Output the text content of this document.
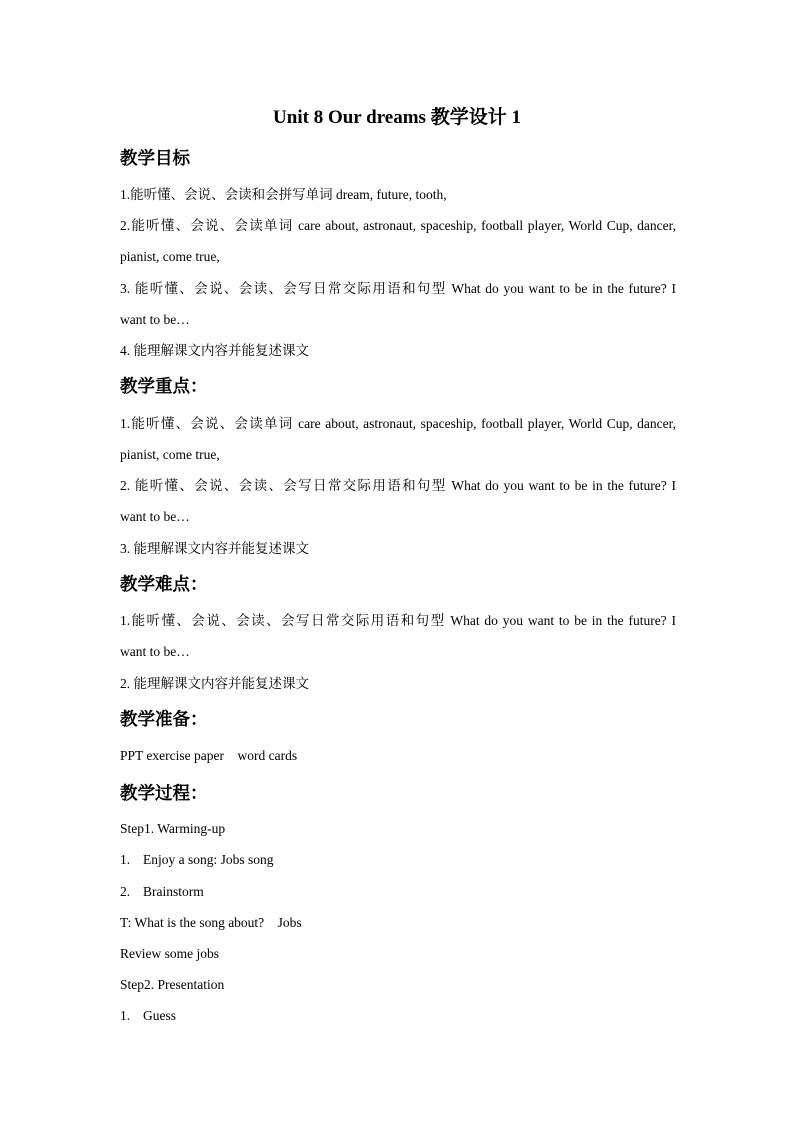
Unit 8 Our dreams 教学设计 1
教学目标
1.能听懂、会说、会读和会拼写单词 dream, future, tooth,
2.能听懂、会说、会读单词 care about, astronaut, spaceship, football player, World Cup, dancer,
pianist, come true,
3. 能听懂、会说、会读、会写日常交际用语和句型 What do you want to be in the future? I
want to be…
4. 能理解课文内容并能复述课文
教学重点：
1.能听懂、会说、会读单词 care about, astronaut, spaceship, football player, World Cup, dancer,
pianist, come true,
2. 能听懂、会说、会读、会写日常交际用语和句型 What do you want to be in the future? I
want to be…
3. 能理解课文内容并能复述课文
教学难点：
1.能听懂、会说、会读、会写日常交际用语和句型 What do you want to be in the future? I
want to be…
2. 能理解课文内容并能复述课文
教学准备：
PPT exercise paper    word cards
教学过程：
Step1. Warming-up
1. Enjoy a song: Jobs song
2. Brainstorm
T: What is the song about?    Jobs
Review some jobs
Step2. Presentation
1. Guess
